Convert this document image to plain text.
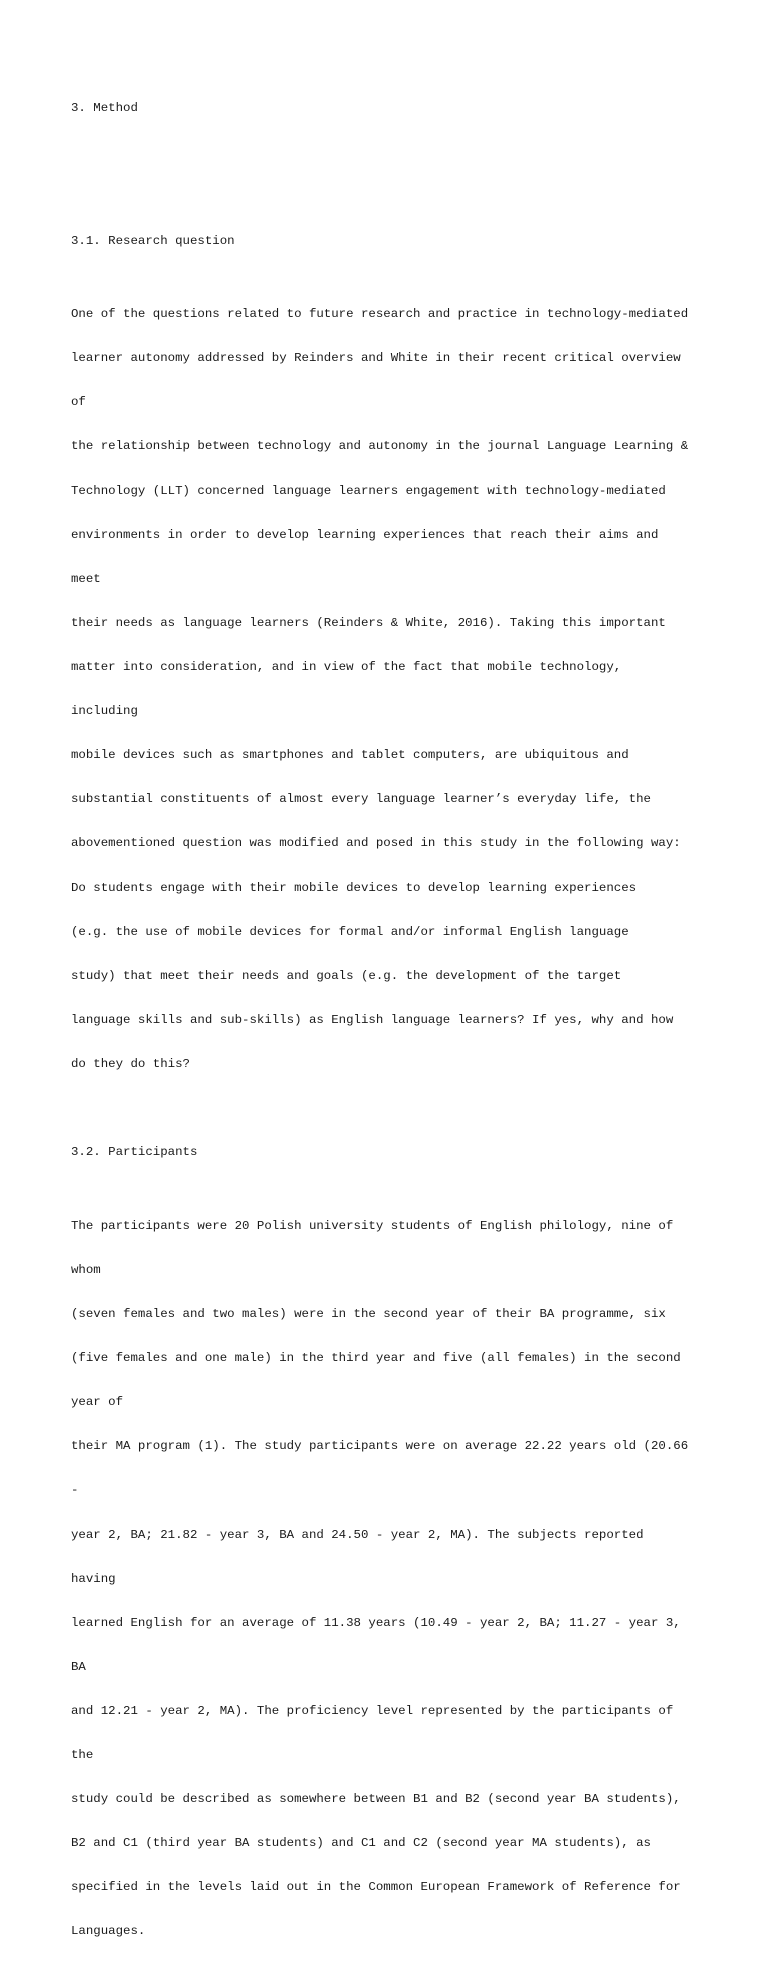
3. Method

3.1. Research question

One of the questions related to future research and practice in technology-mediated

learner autonomy addressed by Reinders and White in their recent critical overview

of

the relationship between technology and autonomy in the journal Language Learning &

Technology (LLT) concerned language learners engagement with technology-mediated

environments in order to develop learning experiences that reach their aims and

meet

their needs as language learners (Reinders & White, 2016). Taking this important

matter into consideration, and in view of the fact that mobile technology,

including

mobile devices such as smartphones and tablet computers, are ubiquitous and

substantial constituents of almost every language learner’s everyday life, the

abovementioned question was modified and posed in this study in the following way:

Do students engage with their mobile devices to develop learning experiences

(e.g. the use of mobile devices for formal and/or informal English language

study) that meet their needs and goals (e.g. the development of the target

language skills and sub-skills) as English language learners? If yes, why and how

do they do this?

3.2. Participants

The participants were 20 Polish university students of English philology, nine of

whom

(seven females and two males) were in the second year of their BA programme, six

(five females and one male) in the third year and five (all females) in the second

year of

their MA program (1). The study participants were on average 22.22 years old (20.66

-

year 2, BA; 21.82 - year 3, BA and 24.50 - year 2, MA). The subjects reported

having

learned English for an average of 11.38 years (10.49 - year 2, BA; 11.27 - year 3,

BA

and 12.21 - year 2, MA). The proficiency level represented by the participants of

the

study could be described as somewhere between B1 and B2 (second year BA students),

B2 and C1 (third year BA students) and C1 and C2 (second year MA students), as

specified in the levels laid out in the Common European Framework of Reference for

Languages.
